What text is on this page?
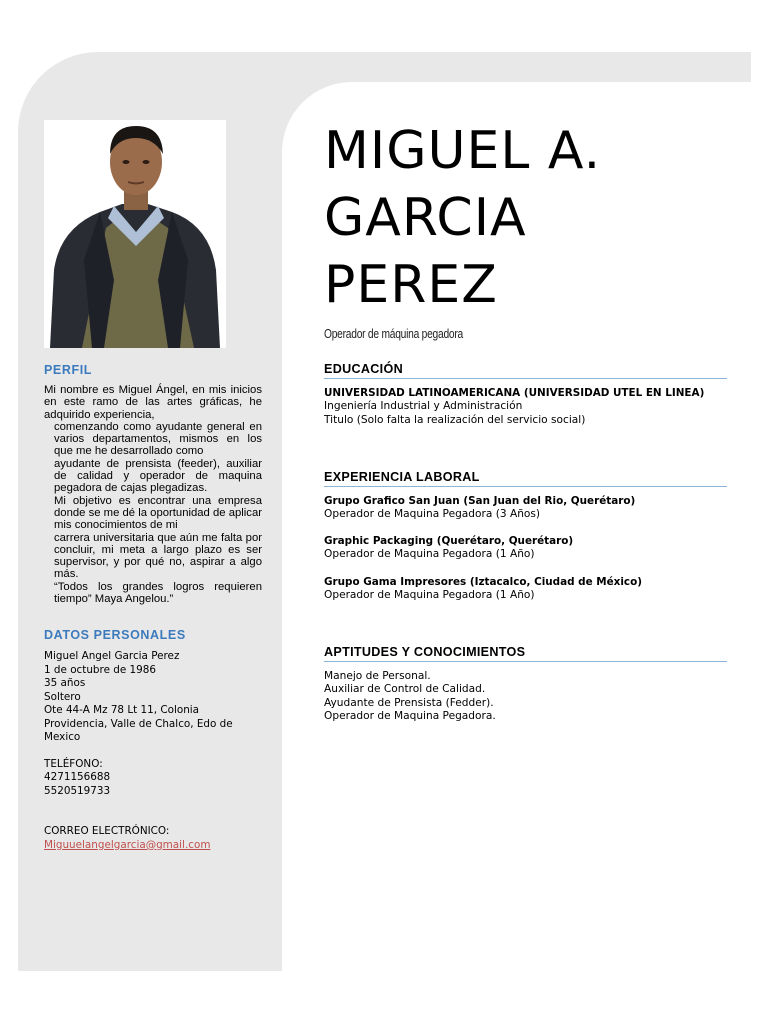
PERFIL

Mi nombre es Miguel Ángel, en mis inicios en este ramo de las artes gráficas, he adquirido experiencia,

comenzando como ayudante general en varios departamentos, mismos en los que me he desarrollado como

ayudante de prensista (feeder), auxiliar de calidad y operador de maquina pegadora de cajas plegadizas.

Mi objetivo es encontrar una empresa donde se me dé la oportunidad de aplicar mis conocimientos de mi

carrera universitaria que aún me falta por concluir, mi meta a largo plazo es ser supervisor, y por qué no, aspirar a algo más.

“Todos los grandes logros requieren tiempo” Maya Angelou.”

DATOS PERSONALES
Miguel Angel Garcia Perez
1 de octubre de 1986
35 años
Soltero
Ote 44-A Mz 78 Lt 11, Colonia Providencia, Valle de Chalco, Edo de Mexico
TELÉFONO:
4271156688
5520519733
CORREO ELECTRÓNICO:
Miguuelangelgarcia@gmail.com
MIGUEL A.
GARCIA
PEREZ
Operador de máquina pegadora
EDUCACIÓN
UNIVERSIDAD LATINOAMERICANA (UNIVERSIDAD UTEL EN LINEA)
Ingeniería Industrial y Administración
Titulo (Solo falta la realización del servicio social)
EXPERIENCIA LABORAL
Grupo Grafico San Juan (San Juan del Rio, Querétaro)
Operador de Maquina Pegadora (3 Años)
Graphic Packaging (Querétaro, Querétaro)
Operador de Maquina Pegadora (1 Año)
Grupo Gama Impresores (Iztacalco, Ciudad de México)
Operador de Maquina Pegadora (1 Año)
APTITUDES Y CONOCIMIENTOS
Manejo de Personal.
Auxiliar de Control de Calidad.
Ayudante de Prensista (Fedder).
Operador de Maquina Pegadora.
